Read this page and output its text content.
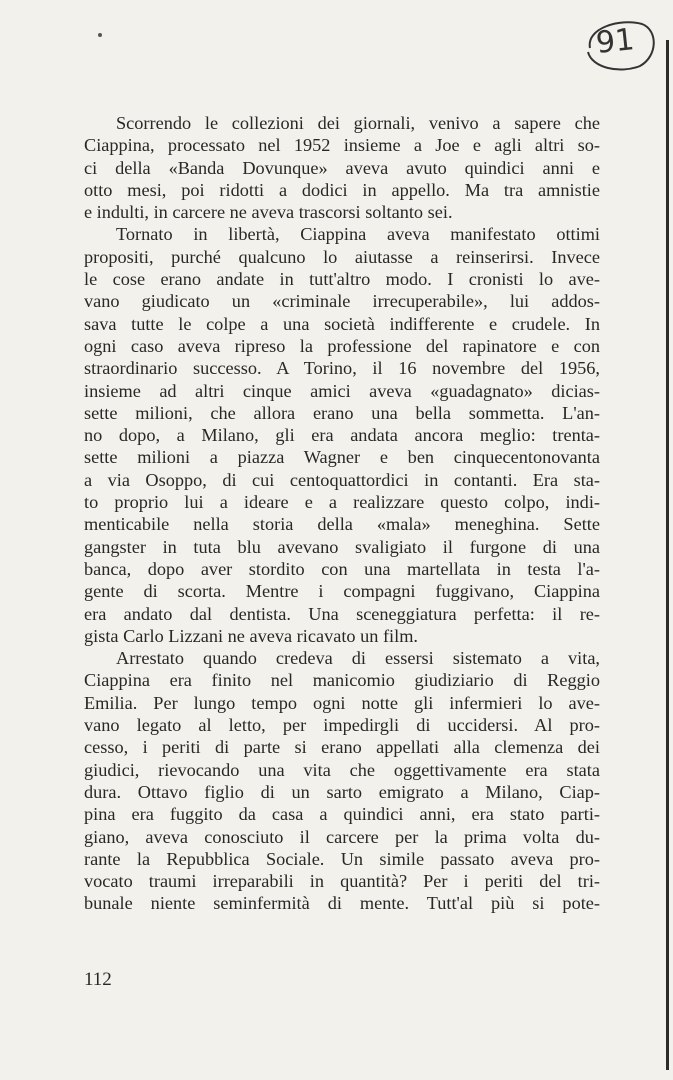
91

Scorrendo le collezioni dei giornali, venivo a sapere che
Ciappina, processato nel 1952 insieme a Joe e agli altri so-
ci della «Banda Dovunque» aveva avuto quindici anni e
otto mesi, poi ridotti a dodici in appello. Ma tra amnistie
e indulti, in carcere ne aveva trascorsi soltanto sei.

Tornato in libertà, Ciappina aveva manifestato ottimi
propositi, purché qualcuno lo aiutasse a reinserirsi. Invece
le cose erano andate in tutt'altro modo. I cronisti lo ave-
vano giudicato un «criminale irrecuperabile», lui addos-
sava tutte le colpe a una società indifferente e crudele. In
ogni caso aveva ripreso la professione del rapinatore e con
straordinario successo. A Torino, il 16 novembre del 1956,
insieme ad altri cinque amici aveva «guadagnato» dicias-
sette milioni, che allora erano una bella sommetta. L'an-
no dopo, a Milano, gli era andata ancora meglio: trenta-
sette milioni a piazza Wagner e ben cinquecentonovanta
a via Osoppo, di cui centoquattordici in contanti. Era sta-
to proprio lui a ideare e a realizzare questo colpo, indi-
menticabile nella storia della «mala» meneghina. Sette
gangster in tuta blu avevano svaligiato il furgone di una
banca, dopo aver stordito con una martellata in testa l'a-
gente di scorta. Mentre i compagni fuggivano, Ciappina
era andato dal dentista. Una sceneggiatura perfetta: il re-
gista Carlo Lizzani ne aveva ricavato un film.

Arrestato quando credeva di essersi sistemato a vita,
Ciappina era finito nel manicomio giudiziario di Reggio
Emilia. Per lungo tempo ogni notte gli infermieri lo ave-
vano legato al letto, per impedirgli di uccidersi. Al pro-
cesso, i periti di parte si erano appellati alla clemenza dei
giudici, rievocando una vita che oggettivamente era stata
dura. Ottavo figlio di un sarto emigrato a Milano, Ciap-
pina era fuggito da casa a quindici anni, era stato parti-
giano, aveva conosciuto il carcere per la prima volta du-
rante la Repubblica Sociale. Un simile passato aveva pro-
vocato traumi irreparabili in quantità? Per i periti del tri-
bunale niente seminfermità di mente. Tutt'al più si pote-

112
